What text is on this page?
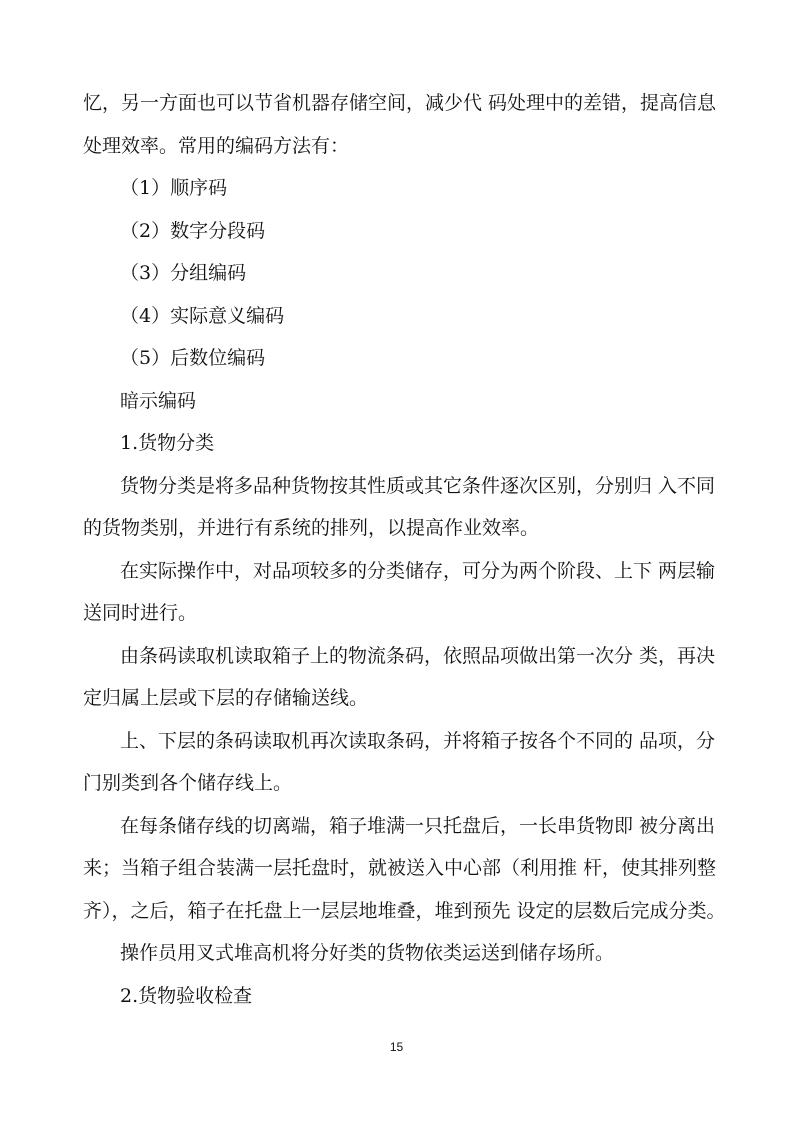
忆，另一方面也可以节省机器存储空间，减少代 码处理中的差错，提高信息
处理效率。常用的编码方法有：
（1）顺序码
（2）数字分段码
（3）分组编码
（4）实际意义编码
（5）后数位编码
暗示编码
1.货物分类
货物分类是将多品种货物按其性质或其它条件逐次区别，分别归 入不同
的货物类别，并进行有系统的排列，以提高作业效率。
在实际操作中，对品项较多的分类储存，可分为两个阶段、上下 两层输
送同时进行。
由条码读取机读取箱子上的物流条码，依照品项做出第一次分 类，再决
定归属上层或下层的存储输送线。
上、下层的条码读取机再次读取条码，并将箱子按各个不同的 品项，分
门别类到各个储存线上。
在每条储存线的切离端，箱子堆满一只托盘后，一长串货物即 被分离出
来；当箱子组合装满一层托盘时，就被送入中心部（利用推 杆，使其排列整
齐），之后，箱子在托盘上一层层地堆叠，堆到预先 设定的层数后完成分类。
操作员用叉式堆高机将分好类的货物依类运送到储存场所。
2.货物验收检查
15
